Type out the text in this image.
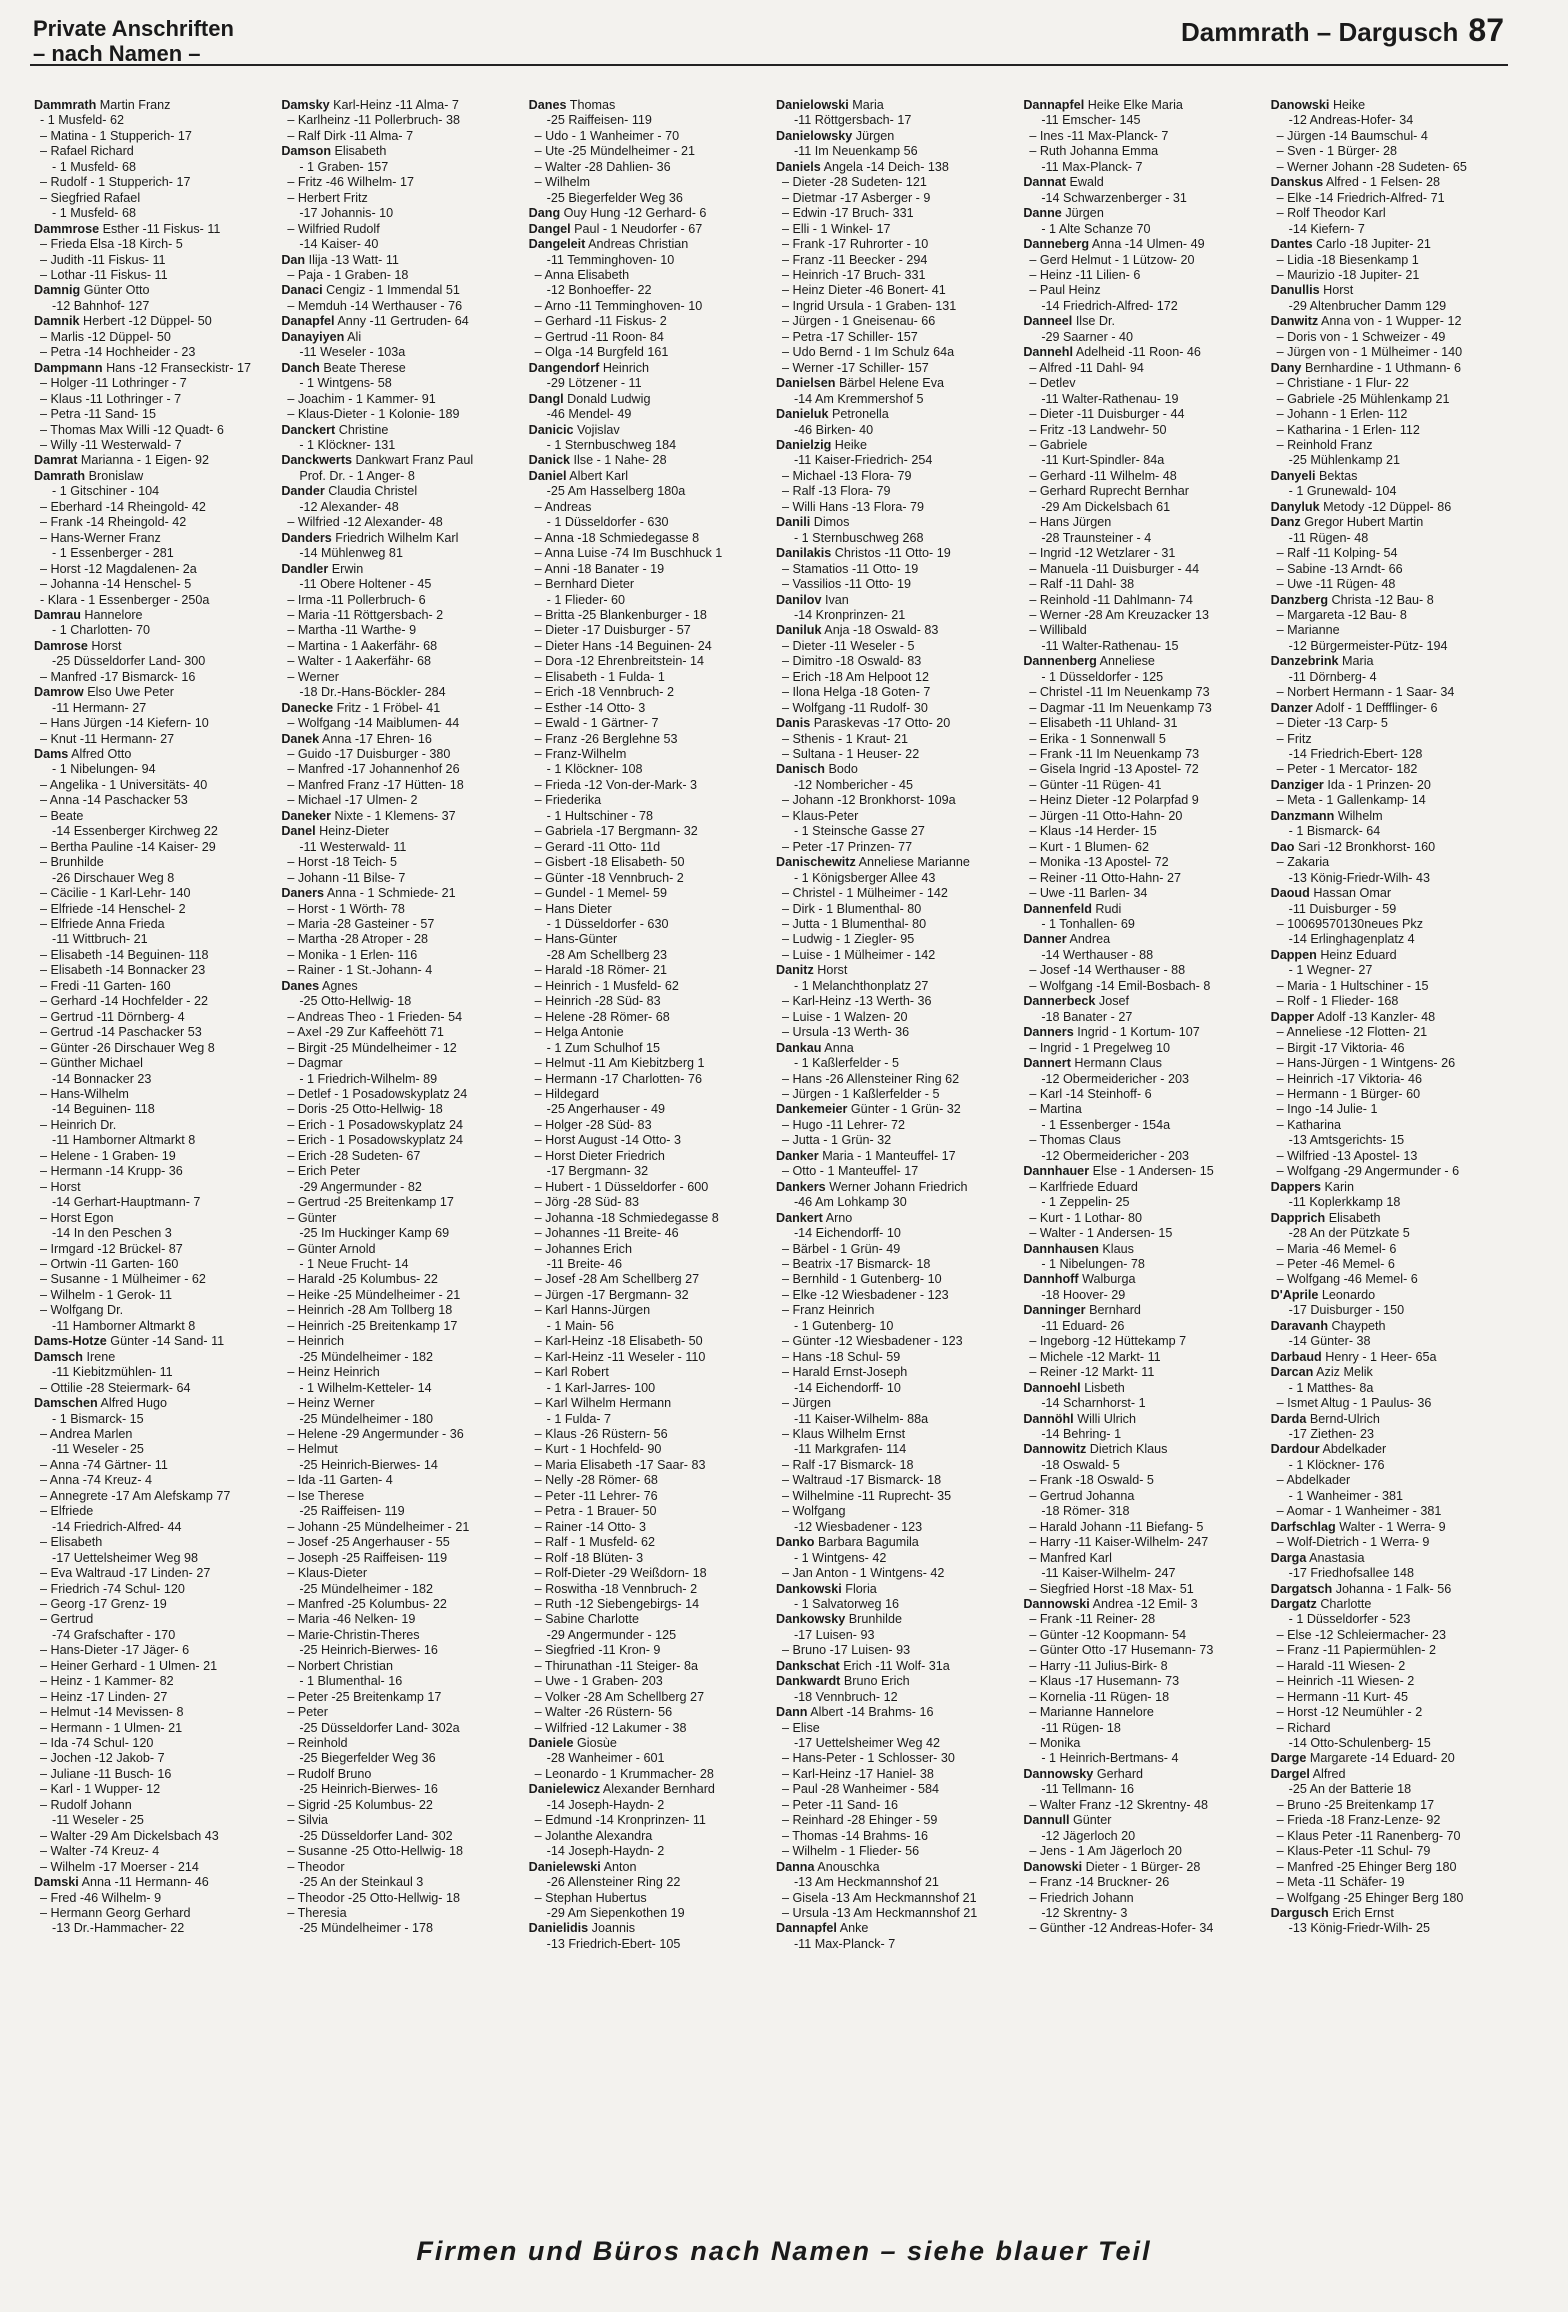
Private Anschriften
– nach Namen –
Dammrath – Dargusch 87
Dammrath Martin Franz
- 1 Musfeld- 62
– Matina - 1 Stupperich- 17
– Rafael Richard
- 1 Musfeld- 68
– Rudolf - 1 Stupperich- 17
– Siegfried Rafael
- 1 Musfeld- 68
Dammrose Esther -11 Fiskus- 11
– Frieda Elsa -18 Kirch- 5
– Judith -11 Fiskus- 11
– Lothar -11 Fiskus- 11
Damnig Günter Otto
-12 Bahnhof- 127
Damnik Herbert -12 Düppel- 50
– Marlis -12 Düppel- 50
– Petra -14 Hochheider - 23
Dampmann Hans -12 Franseckistr- 17
– Holger -11 Lothringer - 7
– Klaus -11 Lothringer - 7
– Petra -11 Sand- 15
– Thomas Max Willi -12 Quadt- 6
– Willy -11 Westerwald- 7
Damrat Marianna - 1 Eigen- 92
Damrath Bronislaw
- 1 Gitschiner - 104
– Eberhard -14 Rheingold- 42
– Frank -14 Rheingold- 42
– Hans-Werner Franz
- 1 Essenberger - 281
– Horst -12 Magdalenen- 2a
– Johanna -14 Henschel- 5
- Klara - 1 Essenberger - 250a
Damrau Hannelore
- 1 Charlotten- 70
Damrose Horst
-25 Düsseldorfer Land- 300
– Manfred -17 Bismarck- 16
Damrow Elso Uwe Peter
-11 Hermann- 27
– Hans Jürgen -14 Kiefern- 10
– Knut -11 Hermann- 27
Dams Alfred Otto
- 1 Nibelungen- 94
– Angelika - 1 Universitäts- 40
– Anna -14 Paschacker 53
– Beate
-14 Essenberger Kirchweg 22
– Bertha Pauline -14 Kaiser- 29
– Brunhilde
-26 Dirschauer Weg 8
– Cäcilie - 1 Karl-Lehr- 140
– Elfriede -14 Henschel- 2
– Elfriede Anna Frieda
-11 Wittbruch- 21
– Elisabeth -14 Beguinen- 118
– Elisabeth -14 Bonnacker 23
– Fredi -11 Garten- 160
– Gerhard -14 Hochfelder - 22
– Gertrud -11 Dörnberg- 4
– Gertrud -14 Paschacker 53
– Günter -26 Dirschauer Weg 8
– Günther Michael
-14 Bonnacker 23
– Hans-Wilhelm
-14 Beguinen- 118
– Heinrich Dr.
-11 Hamborner Altmarkt 8
– Helene - 1 Graben- 19
– Hermann -14 Krupp- 36
– Horst
-14 Gerhart-Hauptmann- 7
– Horst Egon
-14 In den Peschen 3
– Irmgard -12 Brückel- 87
– Ortwin -11 Garten- 160
– Susanne - 1 Mülheimer - 62
– Wilhelm - 1 Gerok- 11
– Wolfgang Dr.
-11 Hamborner Altmarkt 8
Dams-Hotze Günter -14 Sand- 11
Damsch Irene
-11 Kiebitzmühlen- 11
– Ottilie -28 Steiermark- 64
Damschen Alfred Hugo
- 1 Bismarck- 15
– Andrea Marlen
-11 Weseler - 25
– Anna -74 Gärtner- 11
– Anna -74 Kreuz- 4
– Annegrete -17 Am Alefskamp 77
– Elfriede
-14 Friedrich-Alfred- 44
– Elisabeth
-17 Uettelsheimer Weg 98
– Eva Waltraud -17 Linden- 27
– Friedrich -74 Schul- 120
– Georg -17 Grenz- 19
– Gertrud
-74 Grafschafter - 170
– Hans-Dieter -17 Jäger- 6
– Heiner Gerhard - 1 Ulmen- 21
– Heinz - 1 Kammer- 82
– Heinz -17 Linden- 27
– Helmut -14 Mevissen- 8
– Hermann - 1 Ulmen- 21
– Ida -74 Schul- 120
– Jochen -12 Jakob- 7
– Juliane -11 Busch- 16
– Karl - 1 Wupper- 12
– Rudolf Johann
-11 Weseler - 25
– Walter -29 Am Dickelsbach 43
– Walter -74 Kreuz- 4
– Wilhelm -17 Moerser - 214
Damski Anna -11 Hermann- 46
– Fred -46 Wilhelm- 9
– Hermann Georg Gerhard
-13 Dr.-Hammacher- 22
Damsky Karl-Heinz -11 Alma- 7
– Karlheinz -11 Pollerbruch- 38
– Ralf Dirk -11 Alma- 7
Damson Elisabeth
- 1 Graben- 157
– Fritz -46 Wilhelm- 17
– Herbert Fritz
-17 Johannis- 10
– Wilfried Rudolf
-14 Kaiser- 40
Dan Ilija -13 Watt- 11
– Paja - 1 Graben- 18
Danaci Cengiz - 1 Immendal 51
– Memduh -14 Werthauser - 76
Danapfel Anny -11 Gertruden- 64
Danayiyen Ali
-11 Weseler - 103a
Danch Beate Therese
- 1 Wintgens- 58
– Joachim - 1 Kammer- 91
– Klaus-Dieter - 1 Kolonie- 189
Danckert Christine
- 1 Klöckner- 131
Danckwerts Dankwart Franz Paul
Prof. Dr. - 1 Anger- 8
Dander Claudia Christel
-12 Alexander- 48
– Wilfried -12 Alexander- 48
Danders Friedrich Wilhelm Karl
-14 Mühlenweg 81
Dandler Erwin
-11 Obere Holtener - 45
– Irma -11 Pollerbruch- 6
– Maria -11 Röttgersbach- 2
– Martha -11 Warthe- 9
– Martina - 1 Aakerfähr- 68
– Walter - 1 Aakerfähr- 68
– Werner
-18 Dr.-Hans-Böckler- 284
Danecke Fritz - 1 Fröbel- 41
– Wolfgang -14 Maiblumen- 44
Danek Anna -17 Ehren- 16
– Guido -17 Duisburger - 380
– Manfred -17 Johannenhof 26
– Manfred Franz -17 Hütten- 18
– Michael -17 Ulmen- 2
Daneker Nixte - 1 Klemens- 37
Danel Heinz-Dieter
-11 Westerwald- 11
– Horst -18 Teich- 5
– Johann -11 Bilse- 7
Daners Anna - 1 Schmiede- 21
– Horst - 1 Wörth- 78
– Maria -28 Gasteiner - 57
– Martha -28 Atroper - 28
– Monika - 1 Erlen- 116
– Rainer - 1 St.-Johann- 4
Danes Agnes
-25 Otto-Hellwig- 18
– Andreas Theo - 1 Frieden- 54
– Axel -29 Zur Kaffeehött 71
– Birgit -25 Mündelheimer - 12
– Dagmar
- 1 Friedrich-Wilhelm- 89
– Detlef - 1 Posadowskyplatz 24
– Doris -25 Otto-Hellwig- 18
– Erich - 1 Posadowskyplatz 24
– Erich - 1 Posadowskyplatz 24
– Erich -28 Sudeten- 67
– Erich Peter
-29 Angermunder - 82
– Gertrud -25 Breitenkamp 17
– Günter
-25 Im Huckinger Kamp 69
– Günter Arnold
- 1 Neue Frucht- 14
– Harald -25 Kolumbus- 22
– Heike -25 Mündelheimer - 21
– Heinrich -28 Am Tollberg 18
– Heinrich -25 Breitenkamp 17
– Heinrich
-25 Mündelheimer - 182
– Heinz Heinrich
- 1 Wilhelm-Ketteler- 14
– Heinz Werner
-25 Mündelheimer - 180
– Helene -29 Angermunder - 36
– Helmut
-25 Heinrich-Bierwes- 14
– Ida -11 Garten- 4
– Ise Therese
-25 Raiffeisen- 119
– Johann -25 Mündelheimer - 21
– Josef -25 Angerhauser - 55
– Joseph -25 Raiffeisen- 119
– Klaus-Dieter
-25 Mündelheimer - 182
– Manfred -25 Kolumbus- 22
– Maria -46 Nelken- 19
– Marie-Christin-Theres
-25 Heinrich-Bierwes- 16
– Norbert Christian
- 1 Blumenthal- 16
– Peter -25 Breitenkamp 17
– Peter
-25 Düsseldorfer Land- 302a
– Reinhold
-25 Biegerfelder Weg 36
– Rudolf Bruno
-25 Heinrich-Bierwes- 16
– Sigrid -25 Kolumbus- 22
– Silvia
-25 Düsseldorfer Land- 302
– Susanne -25 Otto-Hellwig- 18
– Theodor
-25 An der Steinkaul 3
– Theodor -25 Otto-Hellwig- 18
– Theresia
-25 Mündelheimer - 178
Danes Thomas
-25 Raiffeisen- 119
– Udo - 1 Wanheimer - 70
– Ute -25 Mündelheimer - 21
– Walter -28 Dahlien- 36
– Wilhelm
-25 Biegerfelder Weg 36
Dang Ouy Hung -12 Gerhard- 6
Dangel Paul - 1 Neudorfer - 67
Dangeleit Andreas Christian
-11 Temminghoven- 10
– Anna Elisabeth
-12 Bonhoeffer- 22
– Arno -11 Temminghoven- 10
– Gerhard -11 Fiskus- 2
– Gertrud -11 Roon- 84
– Olga -14 Burgfeld 161
Dangendorf Heinrich
-29 Lötzener - 11
Dangl Donald Ludwig
-46 Mendel- 49
Danicic Vojislav
- 1 Sternbuschweg 184
Danick Ilse - 1 Nahe- 28
Daniel Albert Karl
-25 Am Hasselberg 180a
– Andreas
- 1 Düsseldorfer - 630
– Anna -18 Schmiedegasse 8
– Anna Luise -74 Im Buschhuck 1
– Anni -18 Banater - 19
– Bernhard Dieter
- 1 Flieder- 60
– Britta -25 Blankenburger - 18
– Dieter -17 Duisburger - 57
– Dieter Hans -14 Beguinen- 24
– Dora -12 Ehrenbreitstein- 14
– Elisabeth - 1 Fulda- 1
– Erich -18 Vennbruch- 2
– Esther -14 Otto- 3
– Ewald - 1 Gärtner- 7
– Franz -26 Berglehne 53
– Franz-Wilhelm
- 1 Klöckner- 108
– Frieda -12 Von-der-Mark- 3
– Friederika
- 1 Hultschiner - 78
– Gabriela -17 Bergmann- 32
– Gerard -11 Otto- 11d
– Gisbert -18 Elisabeth- 50
– Günter -18 Vennbruch- 2
– Gundel - 1 Memel- 59
– Hans Dieter
- 1 Düsseldorfer - 630
– Hans-Günter
-28 Am Schellberg 23
– Harald -18 Römer- 21
– Heinrich - 1 Musfeld- 62
– Heinrich -28 Süd- 83
– Helene -28 Römer- 68
– Helga Antonie
- 1 Zum Schulhof 15
– Helmut -11 Am Kiebitzberg 1
– Hermann -17 Charlotten- 76
– Hildegard
-25 Angerhauser - 49
– Holger -28 Süd- 83
– Horst August -14 Otto- 3
– Horst Dieter Friedrich
-17 Bergmann- 32
– Hubert - 1 Düsseldorfer - 600
– Jörg -28 Süd- 83
– Johanna -18 Schmiedegasse 8
– Johannes -11 Breite- 46
– Johannes Erich
-11 Breite- 46
– Josef -28 Am Schellberg 27
– Jürgen -17 Bergmann- 32
– Karl Hanns-Jürgen
- 1 Main- 56
– Karl-Heinz -18 Elisabeth- 50
– Karl-Heinz -11 Weseler - 110
– Karl Robert
- 1 Karl-Jarres- 100
– Karl Wilhelm Hermann
- 1 Fulda- 7
– Klaus -26 Rüstern- 56
– Kurt - 1 Hochfeld- 90
– Maria Elisabeth -17 Saar- 83
– Nelly -28 Römer- 68
– Peter -11 Lehrer- 76
– Petra - 1 Brauer- 50
– Rainer -14 Otto- 3
– Ralf - 1 Musfeld- 62
– Rolf -18 Blüten- 3
– Rolf-Dieter -29 Weißdorn- 18
– Roswitha -18 Vennbruch- 2
– Ruth -12 Siebengebirgs- 14
– Sabine Charlotte
-29 Angermunder - 125
– Siegfried -11 Kron- 9
– Thirunathan -11 Steiger- 8a
– Uwe - 1 Graben- 203
– Volker -28 Am Schellberg 27
– Walter -26 Rüstern- 56
– Wilfried -12 Lakumer - 38
Daniele Giosùe
-28 Wanheimer - 601
– Leonardo - 1 Krummacher- 28
Danielewicz Alexander Bernhard
-14 Joseph-Haydn- 2
– Edmund -14 Kronprinzen- 11
– Jolanthe Alexandra
-14 Joseph-Haydn- 2
Danielewski Anton
-26 Allensteiner Ring 22
– Stephan Hubertus
-29 Am Siepenkothen 19
Danielidis Joannis
-13 Friedrich-Ebert- 105
Danielowski Maria
-11 Röttgersbach- 17
Danielowsky Jürgen
-11 Im Neuenkamp 56
Daniels Angela -14 Deich- 138
– Dieter -28 Sudeten- 121
– Dietmar -17 Asberger - 9
– Edwin -17 Bruch- 331
– Elli - 1 Winkel- 17
– Frank -17 Ruhrorter - 10
– Franz -11 Beecker - 294
– Heinrich -17 Bruch- 331
– Heinz Dieter -46 Bonert- 41
– Ingrid Ursula - 1 Graben- 131
– Jürgen - 1 Gneisenau- 66
– Petra -17 Schiller- 157
– Udo Bernd - 1 Im Schulz 64a
– Werner -17 Schiller- 157
Danielsen Bärbel Helene Eva
-14 Am Kremmershof 5
Danieluk Petronella
-46 Birken- 40
Danielzig Heike
-11 Kaiser-Friedrich- 254
– Michael -13 Flora- 79
– Ralf -13 Flora- 79
– Willi Hans -13 Flora- 79
Danili Dimos
- 1 Sternbuschweg 268
Danilakis Christos -11 Otto- 19
– Stamatios -11 Otto- 19
– Vassilios -11 Otto- 19
Danilov Ivan
-14 Kronprinzen- 21
Daniluk Anja -18 Oswald- 83
– Dieter -11 Weseler - 5
– Dimitro -18 Oswald- 83
– Erich -18 Am Helpoot 12
– Ilona Helga -18 Goten- 7
– Wolfgang -11 Rudolf- 30
Danis Paraskevas -17 Otto- 20
– Sthenis - 1 Kraut- 21
– Sultana - 1 Heuser- 22
Danisch Bodo
-12 Nombericher - 45
– Johann -12 Bronkhorst- 109a
– Klaus-Peter
- 1 Steinsche Gasse 27
– Peter -17 Prinzen- 77
Danischewitz Anneliese Marianne
- 1 Königsberger Allee 43
– Christel - 1 Mülheimer - 142
– Dirk - 1 Blumenthal- 80
– Jutta - 1 Blumenthal- 80
– Ludwig - 1 Ziegler- 95
– Luise - 1 Mülheimer - 142
Danitz Horst
- 1 Melanchthonplatz 27
– Karl-Heinz -13 Werth- 36
– Luise - 1 Walzen- 20
– Ursula -13 Werth- 36
Dankau Anna
- 1 Kaßlerfelder - 5
– Hans -26 Allensteiner Ring 62
– Jürgen - 1 Kaßlerfelder - 5
Dankemeier Günter - 1 Grün- 32
– Hugo -11 Lehrer- 72
– Jutta - 1 Grün- 32
Danker Maria - 1 Manteuffel- 17
– Otto - 1 Manteuffel- 17
Dankers Werner Johann Friedrich
-46 Am Lohkamp 30
Dankert Arno
-14 Eichendorff- 10
– Bärbel - 1 Grün- 49
– Beatrix -17 Bismarck- 18
– Bernhild - 1 Gutenberg- 10
– Elke -12 Wiesbadener - 123
– Franz Heinrich
- 1 Gutenberg- 10
– Günter -12 Wiesbadener - 123
– Hans -18 Schul- 59
– Harald Ernst-Joseph
-14 Eichendorff- 10
– Jürgen
-11 Kaiser-Wilhelm- 88a
– Klaus Wilhelm Ernst
-11 Markgrafen- 114
– Ralf -17 Bismarck- 18
– Waltraud -17 Bismarck- 18
– Wilhelmine -11 Ruprecht- 35
– Wolfgang
-12 Wiesbadener - 123
Danko Barbara Bagumila
- 1 Wintgens- 42
– Jan Anton - 1 Wintgens- 42
Dankowski Floria
- 1 Salvatorweg 16
Dankowsky Brunhilde
-17 Luisen- 93
– Bruno -17 Luisen- 93
Dankschat Erich -11 Wolf- 31a
Dankwardt Bruno Erich
-18 Vennbruch- 12
Dann Albert -14 Brahms- 16
– Elise
-17 Uettelsheimer Weg 42
– Hans-Peter - 1 Schlosser- 30
– Karl-Heinz -17 Haniel- 38
– Paul -28 Wanheimer - 584
– Peter -11 Sand- 16
– Reinhard -28 Ehinger - 59
– Thomas -14 Brahms- 16
– Wilhelm - 1 Flieder- 56
Danna Anouschka
-13 Am Heckmannshof 21
– Gisela -13 Am Heckmannshof 21
– Ursula -13 Am Heckmannshof 21
Dannapfel Anke
-11 Max-Planck- 7
Dannapfel Heike Elke Maria
-11 Emscher- 145
– Ines -11 Max-Planck- 7
– Ruth Johanna Emma
-11 Max-Planck- 7
Dannat Ewald
-14 Schwarzenberger - 31
Danne Jürgen
- 1 Alte Schanze 70
Danneberg Anna -14 Ulmen- 49
– Gerd Helmut - 1 Lützow- 20
– Heinz -11 Lilien- 6
– Paul Heinz
-14 Friedrich-Alfred- 172
Danneel Ilse Dr.
-29 Saarner - 40
Dannehl Adelheid -11 Roon- 46
– Alfred -11 Dahl- 94
– Detlev
-11 Walter-Rathenau- 19
– Dieter -11 Duisburger - 44
– Fritz -13 Landwehr- 50
– Gabriele
-11 Kurt-Spindler- 84a
– Gerhard -11 Wilhelm- 48
– Gerhard Ruprecht Bernhar
-29 Am Dickelsbach 61
– Hans Jürgen
-28 Traunsteiner - 4
– Ingrid -12 Wetzlarer - 31
– Manuela -11 Duisburger - 44
– Ralf -11 Dahl- 38
– Reinhold -11 Dahlmann- 74
– Werner -28 Am Kreuzacker 13
– Willibald
-11 Walter-Rathenau- 15
Dannenberg Anneliese
- 1 Düsseldorfer - 125
– Christel -11 Im Neuenkamp 73
– Dagmar -11 Im Neuenkamp 73
– Elisabeth -11 Uhland- 31
– Erika - 1 Sonnenwall 5
– Frank -11 Im Neuenkamp 73
– Gisela Ingrid -13 Apostel- 72
– Günter -11 Rügen- 41
– Heinz Dieter -12 Polarpfad 9
– Jürgen -11 Otto-Hahn- 20
– Klaus -14 Herder- 15
– Kurt - 1 Blumen- 62
– Monika -13 Apostel- 72
– Reiner -11 Otto-Hahn- 27
– Uwe -11 Barlen- 34
Dannenfeld Rudi
- 1 Tonhallen- 69
Danner Andrea
-14 Werthauser - 88
– Josef -14 Werthauser - 88
– Wolfgang -14 Emil-Bosbach- 8
Dannerbeck Josef
-18 Banater - 27
Danners Ingrid - 1 Kortum- 107
– Ingrid - 1 Pregelweg 10
Dannert Hermann Claus
-12 Obermeidericher - 203
– Karl -14 Steinhoff- 6
– Martina
- 1 Essenberger - 154a
– Thomas Claus
-12 Obermeidericher - 203
Dannhauer Else - 1 Andersen- 15
– Karlfriede Eduard
- 1 Zeppelin- 25
– Kurt - 1 Lothar- 80
– Walter - 1 Andersen- 15
Dannhausen Klaus
- 1 Nibelungen- 78
Dannhoff Walburga
-18 Hoover- 29
Danninger Bernhard
-11 Eduard- 26
– Ingeborg -12 Hüttekamp 7
– Michele -12 Markt- 11
– Reiner -12 Markt- 11
Dannoehl Lisbeth
-14 Scharnhorst- 1
Dannöhl Willi Ulrich
-14 Behring- 1
Dannowitz Dietrich Klaus
-18 Oswald- 5
– Frank -18 Oswald- 5
– Gertrud Johanna
-18 Römer- 318
– Harald Johann -11 Biefang- 5
– Harry -11 Kaiser-Wilhelm- 247
– Manfred Karl
-11 Kaiser-Wilhelm- 247
– Siegfried Horst -18 Max- 51
Dannowski Andrea -12 Emil- 3
– Frank -11 Reiner- 28
– Günter -12 Koopmann- 54
– Günter Otto -17 Husemann- 73
– Harry -11 Julius-Birk- 8
– Klaus -17 Husemann- 73
– Kornelia -11 Rügen- 18
– Marianne Hannelore
-11 Rügen- 18
– Monika
- 1 Heinrich-Bertmans- 4
Dannowsky Gerhard
-11 Tellmann- 16
– Walter Franz -12 Skrentny- 48
Dannull Günter
-12 Jägerloch 20
– Jens - 1 Am Jägerloch 20
Danowski Dieter - 1 Bürger- 28
– Franz -14 Bruckner- 26
– Friedrich Johann
-12 Skrentny- 3
– Günther -12 Andreas-Hofer- 34
Danowski Heike
-12 Andreas-Hofer- 34
– Jürgen -14 Baumschul- 4
– Sven - 1 Bürger- 28
– Werner Johann -28 Sudeten- 65
Danskus Alfred - 1 Felsen- 28
– Elke -14 Friedrich-Alfred- 71
– Rolf Theodor Karl
-14 Kiefern- 7
Dantes Carlo -18 Jupiter- 21
– Lidia -18 Biesenkamp 1
– Maurizio -18 Jupiter- 21
Danullis Horst
-29 Altenbrucher Damm 129
Danwitz Anna von - 1 Wupper- 12
– Doris von - 1 Schweizer - 49
– Jürgen von - 1 Mülheimer - 140
Dany Bernhardine - 1 Uthmann- 6
– Christiane - 1 Flur- 22
– Gabriele -25 Mühlenkamp 21
– Johann - 1 Erlen- 112
– Katharina - 1 Erlen- 112
– Reinhold Franz
-25 Mühlenkamp 21
Danyeli Bektas
- 1 Grunewald- 104
Danyluk Metody -12 Düppel- 86
Danz Gregor Hubert Martin
-11 Rügen- 48
– Ralf -11 Kolping- 54
– Sabine -13 Arndt- 66
– Uwe -11 Rügen- 48
Danzberg Christa -12 Bau- 8
– Margareta -12 Bau- 8
– Marianne
-12 Bürgermeister-Pütz- 194
Danzebrink Maria
-11 Dörnberg- 4
– Norbert Hermann - 1 Saar- 34
Danzer Adolf - 1 Deffflinger- 6
– Dieter -13 Carp- 5
– Fritz
-14 Friedrich-Ebert- 128
– Peter - 1 Mercator- 182
Danziger Ida - 1 Prinzen- 20
– Meta - 1 Gallenkamp- 14
Danzmann Wilhelm
- 1 Bismarck- 64
Dao Sari -12 Bronkhorst- 160
– Zakaria
-13 König-Friedr-Wilh- 43
Daoud Hassan Omar
-11 Duisburger - 59
– 10069570130neues Pkz
-14 Erlinghagenplatz 4
Dappen Heinz Eduard
- 1 Wegner- 27
– Maria - 1 Hultschiner - 15
– Rolf - 1 Flieder- 168
Dapper Adolf -13 Kanzler- 48
– Anneliese -12 Flotten- 21
– Birgit -17 Viktoria- 46
– Hans-Jürgen - 1 Wintgens- 26
– Heinrich -17 Viktoria- 46
– Hermann - 1 Bürger- 60
– Ingo -14 Julie- 1
– Katharina
-13 Amtsgerichts- 15
– Wilfried -13 Apostel- 13
– Wolfgang -29 Angermunder - 6
Dappers Karin
-11 Koplerkkamp 18
Dapprich Elisabeth
-28 An der Pützkate 5
– Maria -46 Memel- 6
– Peter -46 Memel- 6
– Wolfgang -46 Memel- 6
D'Aprile Leonardo
-17 Duisburger - 150
Daravanh Chaypeth
-14 Günter- 38
Darbaud Henry - 1 Heer- 65a
Darcan Aziz Melik
- 1 Matthes- 8a
– Ismet Altug - 1 Paulus- 36
Darda Bernd-Ulrich
-17 Ziethen- 23
Dardour Abdelkader
- 1 Klöckner- 176
– Abdelkader
- 1 Wanheimer - 381
– Aomar - 1 Wanheimer - 381
Darfschlag Walter - 1 Werra- 9
– Wolf-Dietrich - 1 Werra- 9
Darga Anastasia
-17 Friedhofsallee 148
Dargatsch Johanna - 1 Falk- 56
Dargatz Charlotte
- 1 Düsseldorfer - 523
– Else -12 Schleiermacher- 23
– Franz -11 Papiermühlen- 2
– Harald -11 Wiesen- 2
– Heinrich -11 Wiesen- 2
– Hermann -11 Kurt- 45
– Horst -12 Neumühler - 2
– Richard
-14 Otto-Schulenberg- 15
Darge Margarete -14 Eduard- 20
Dargel Alfred
-25 An der Batterie 18
– Bruno -25 Breitenkamp 17
– Frieda -18 Franz-Lenze- 92
– Klaus Peter -11 Ranenberg- 70
– Klaus-Peter -11 Schul- 79
– Manfred -25 Ehinger Berg 180
– Meta -11 Schäfer- 19
– Wolfgang -25 Ehinger Berg 180
Dargusch Erich Ernst
-13 König-Friedr-Wilh- 25
Firmen und Büros nach Namen – siehe blauer Teil
